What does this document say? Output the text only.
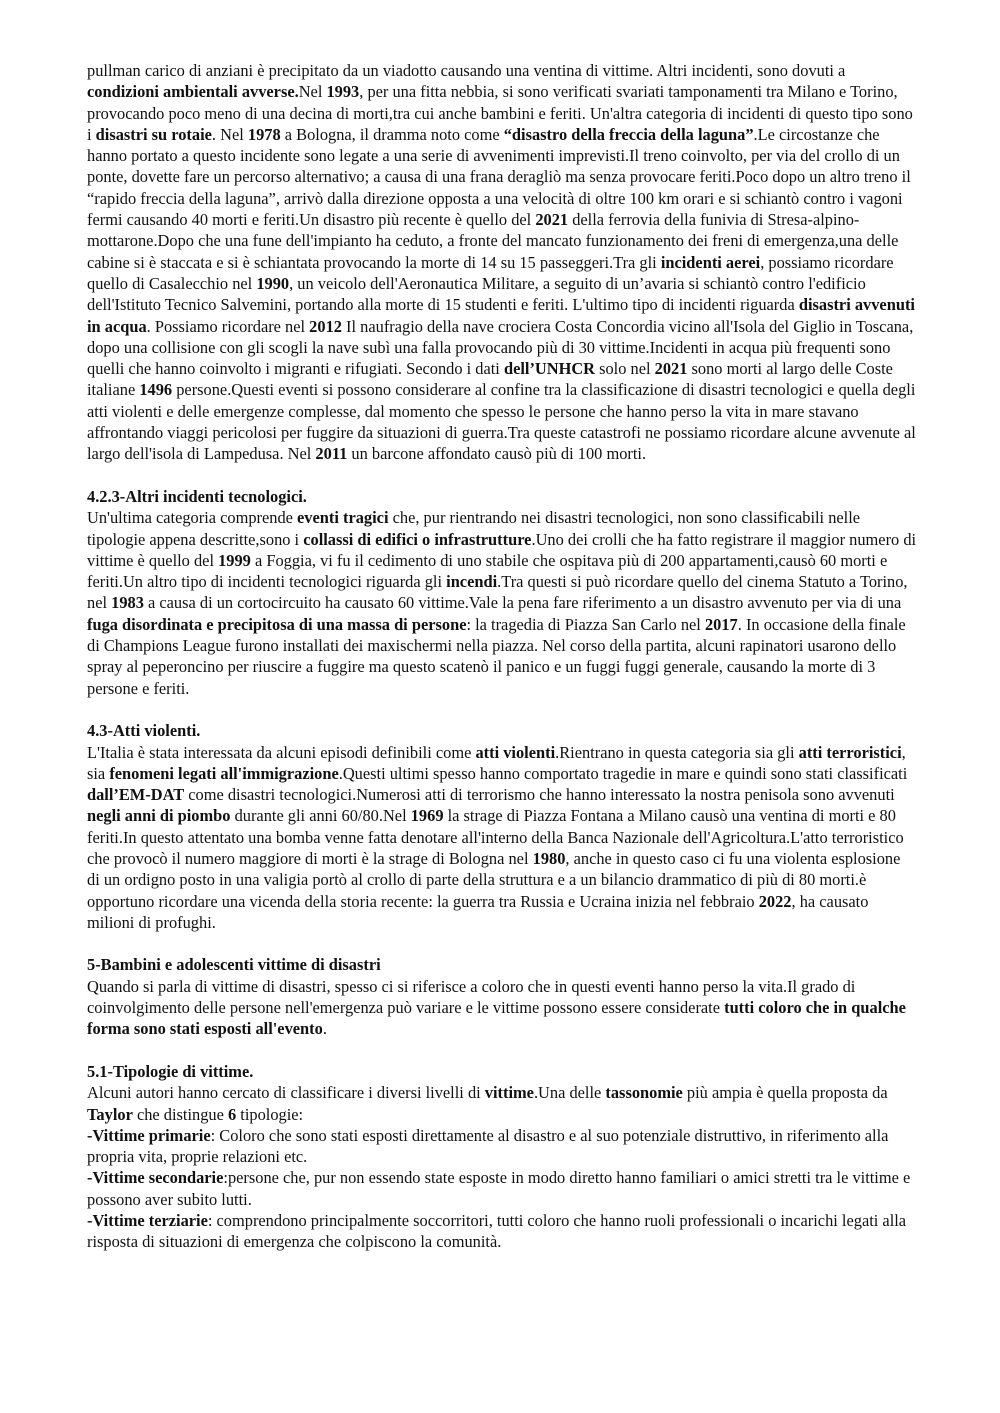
pullman carico di anziani è precipitato da un viadotto causando una ventina di vittime. Altri incidenti, sono dovuti a condizioni ambientali avverse.Nel 1993, per una fitta nebbia, si sono verificati svariati tamponamenti tra Milano e Torino, provocando poco meno di una decina di morti,tra cui anche bambini e feriti. Un'altra categoria di incidenti di questo tipo sono i disastri su rotaie. Nel 1978 a Bologna, il dramma noto come “disastro della freccia della laguna”.Le circostanze che hanno portato a questo incidente sono legate a una serie di avvenimenti imprevisti.Il treno coinvolto, per via del crollo di un ponte, dovette fare un percorso alternativo; a causa di una frana deragliò ma senza provocare feriti.Poco dopo un altro treno il “rapido freccia della laguna”, arrivò dalla direzione opposta a una velocità di oltre 100 km orari e si schiantò contro i vagoni fermi causando 40 morti e feriti.Un disastro più recente è quello del 2021 della ferrovia della funivia di Stresa-alpino-mottarone.Dopo che una fune dell'impianto ha ceduto, a fronte del mancato funzionamento dei freni di emergenza,una delle cabine si è staccata e si è schiantata provocando la morte di 14 su 15 passeggeri.Tra gli incidenti aerei, possiamo ricordare quello di Casalecchio nel 1990, un veicolo dell'Aeronautica Militare, a seguito di un’avaria si schiantò contro l'edificio dell'Istituto Tecnico Salvemini, portando alla morte di 15 studenti e feriti. L'ultimo tipo di incidenti riguarda disastri avvenuti in acqua. Possiamo ricordare nel 2012 Il naufragio della nave crociera Costa Concordia vicino all'Isola del Giglio in Toscana, dopo una collisione con gli scogli la nave subì una falla provocando più di 30 vittime.Incidenti in acqua più frequenti sono quelli che hanno coinvolto i migranti e rifugiati. Secondo i dati dell’UNHCR solo nel 2021 sono morti al largo delle Coste italiane 1496 persone.Questi eventi si possono considerare al confine tra la classificazione di disastri tecnologici e quella degli atti violenti e delle emergenze complesse, dal momento che spesso le persone che hanno perso la vita in mare stavano affrontando viaggi pericolosi per fuggire da situazioni di guerra.Tra queste catastrofi ne possiamo ricordare alcune avvenute al largo dell'isola di Lampedusa. Nel 2011 un barcone affondato causò più di 100 morti.

4.2.3-Altri incidenti tecnologici.

Un'ultima categoria comprende eventi tragici che, pur rientrando nei disastri tecnologici, non sono classificabili nelle tipologie appena descritte,sono i collassi di edifici o infrastrutture.Uno dei crolli che ha fatto registrare il maggior numero di vittime è quello del 1999 a Foggia, vi fu il cedimento di uno stabile che ospitava più di 200 appartamenti,causò 60 morti e feriti.Un altro tipo di incidenti tecnologici riguarda gli incendi.Tra questi si può ricordare quello del cinema Statuto a Torino, nel 1983 a causa di un cortocircuito ha causato 60 vittime.Vale la pena fare riferimento a un disastro avvenuto per via di una fuga disordinata e precipitosa di una massa di persone: la tragedia di Piazza San Carlo nel 2017. In occasione della finale di Champions League furono installati dei maxischermi nella piazza. Nel corso della partita, alcuni rapinatori usarono dello spray al peperoncino per riuscire a fuggire ma questo scatenò il panico e un fuggi fuggi generale, causando la morte di 3 persone e feriti.

4.3-Atti violenti.

L'Italia è stata interessata da alcuni episodi definibili come atti violenti.Rientrano in questa categoria sia gli atti terroristici, sia fenomeni legati all'immigrazione.Questi ultimi spesso hanno comportato tragedie in mare e quindi sono stati classificati dall’EM-DAT come disastri tecnologici.Numerosi atti di terrorismo che hanno interessato la nostra penisola sono avvenuti negli anni di piombo durante gli anni 60/80.Nel 1969 la strage di Piazza Fontana a Milano causò una ventina di morti e 80 feriti.In questo attentato una bomba venne fatta denotare all'interno della Banca Nazionale dell'Agricoltura.L'atto terroristico che provocò il numero maggiore di morti è la strage di Bologna nel 1980, anche in questo caso ci fu una violenta esplosione di un ordigno posto in una valigia portò al crollo di parte della struttura e a un bilancio drammatico di più di 80 morti.è opportuno ricordare una vicenda della storia recente: la guerra tra Russia e Ucraina inizia nel febbraio 2022, ha causato milioni di profughi.

5-Bambini e adolescenti vittime di disastri

Quando si parla di vittime di disastri, spesso ci si riferisce a coloro che in questi eventi hanno perso la vita.Il grado di coinvolgimento delle persone nell'emergenza può variare e le vittime possono essere considerate tutti coloro che in qualche forma sono stati esposti all'evento.

5.1-Tipologie di vittime.

Alcuni autori hanno cercato di classificare i diversi livelli di vittime.Una delle tassonomie più ampia è quella proposta da Taylor che distingue 6 tipologie:

-Vittime primarie: Coloro che sono stati esposti direttamente al disastro e al suo potenziale distruttivo, in riferimento alla propria vita, proprie relazioni etc.

-Vittime secondarie:persone che, pur non essendo state esposte in modo diretto hanno familiari o amici stretti tra le vittime e possono aver subito lutti.

-Vittime terziarie: comprendono principalmente soccorritori, tutti coloro che hanno ruoli professionali o incarichi legati alla risposta di situazioni di emergenza che colpiscono la comunità.
